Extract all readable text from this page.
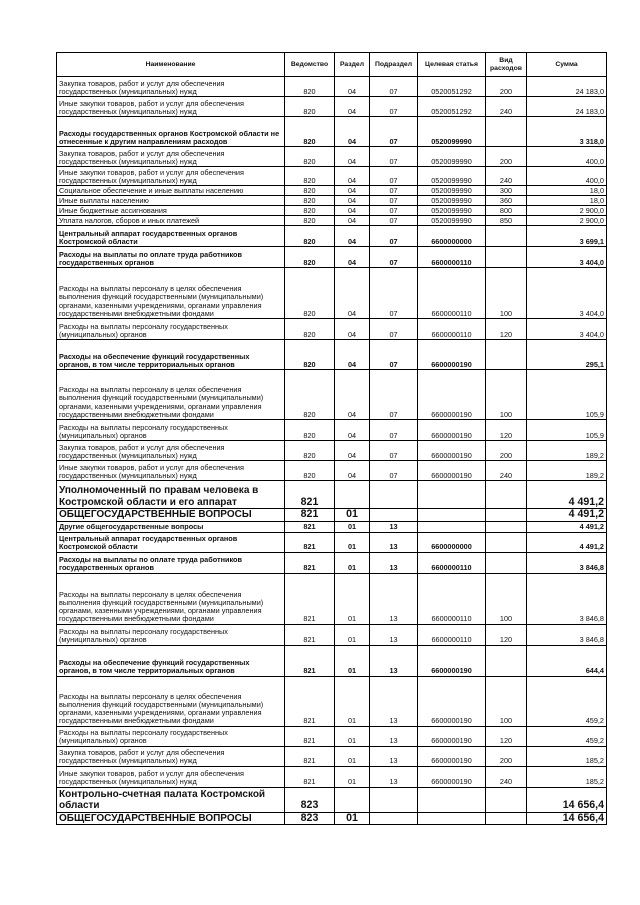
Наименование	Ведомство	Раздел	Подраздел	Целевая статья	Вид расходов	Сумма
Закупка товаров, работ и услуг для обеспечения государственных (муниципальных) нужд	820	04	07	0520051292	200	24 183,0
Иные закупки товаров, работ и услуг для обеспечения государственных (муниципальных) нужд	820	04	07	0520051292	240	24 183,0
Расходы государственных органов Костромской области не отнесенные к другим направлениям расходов	820	04	07	0520099990		3 318,0
Закупка товаров, работ и услуг для обеспечения государственных (муниципальных) нужд	820	04	07	0520099990	200	400,0
Иные закупки товаров, работ и услуг для обеспечения государственных (муниципальных) нужд	820	04	07	0520099990	240	400,0
Социальное обеспечение и иные выплаты населению	820	04	07	0520099990	300	18,0
Иные выплаты населению	820	04	07	0520099990	360	18,0
Иные бюджетные ассигнования	820	04	07	0520099990	800	2 900,0
Уплата налогов, сборов и иных платежей	820	04	07	0520099990	850	2 900,0
Центральный аппарат государственных органов Костромской области	820	04	07	6600000000		3 699,1
Расходы на выплаты по оплате труда работников государственных органов	820	04	07	6600000110		3 404,0
Расходы на выплаты персоналу в целях обеспечения выполнения функций государственными (муниципальными) органами, казенными учреждениями, органами управления государственными внебюджетными фондами	820	04	07	6600000110	100	3 404,0
Расходы на выплаты персоналу государственных (муниципальных) органов	820	04	07	6600000110	120	3 404,0
Расходы на обеспечение функций государственных органов, в том числе территориальных органов	820	04	07	6600000190		295,1
Расходы на выплаты персоналу в целях обеспечения выполнения функций государственными (муниципальными) органами, казенными учреждениями, органами управления государственными внебюджетными фондами	820	04	07	6600000190	100	105,9
Расходы на выплаты персоналу государственных (муниципальных) органов	820	04	07	6600000190	120	105,9
Закупка товаров, работ и услуг для обеспечения государственных (муниципальных) нужд	820	04	07	6600000190	200	189,2
Иные закупки товаров, работ и услуг для обеспечения государственных (муниципальных) нужд	820	04	07	6600000190	240	189,2
Уполномоченный по правам человека в Костромской области и его аппарат	821					4 491,2
ОБЩЕГОСУДАРСТВЕННЫЕ ВОПРОСЫ	821	01				4 491,2
Другие общегосударственные вопросы	821	01	13			4 491,2
Центральный аппарат государственных органов Костромской области	821	01	13	6600000000		4 491,2
Расходы на выплаты по оплате труда работников государственных органов	821	01	13	6600000110		3 846,8
Расходы на выплаты персоналу в целях обеспечения выполнения функций государственными (муниципальными) органами, казенными учреждениями, органами управления государственными внебюджетными фондами	821	01	13	6600000110	100	3 846,8
Расходы на выплаты персоналу государственных (муниципальных) органов	821	01	13	6600000110	120	3 846,8
Расходы на обеспечение функций государственных органов, в том числе территориальных органов	821	01	13	6600000190		644,4
Расходы на выплаты персоналу в целях обеспечения выполнения функций государственными (муниципальными) органами, казенными учреждениями, органами управления государственными внебюджетными фондами	821	01	13	6600000190	100	459,2
Расходы на выплаты персоналу государственных (муниципальных) органов	821	01	13	6600000190	120	459,2
Закупка товаров, работ и услуг для обеспечения государственных (муниципальных) нужд	821	01	13	6600000190	200	185,2
Иные закупки товаров, работ и услуг для обеспечения государственных (муниципальных) нужд	821	01	13	6600000190	240	185,2
Контрольно-счетная палата Костромской области	823					14 656,4
ОБЩЕГОСУДАРСТВЕННЫЕ ВОПРОСЫ	823	01				14 656,4
